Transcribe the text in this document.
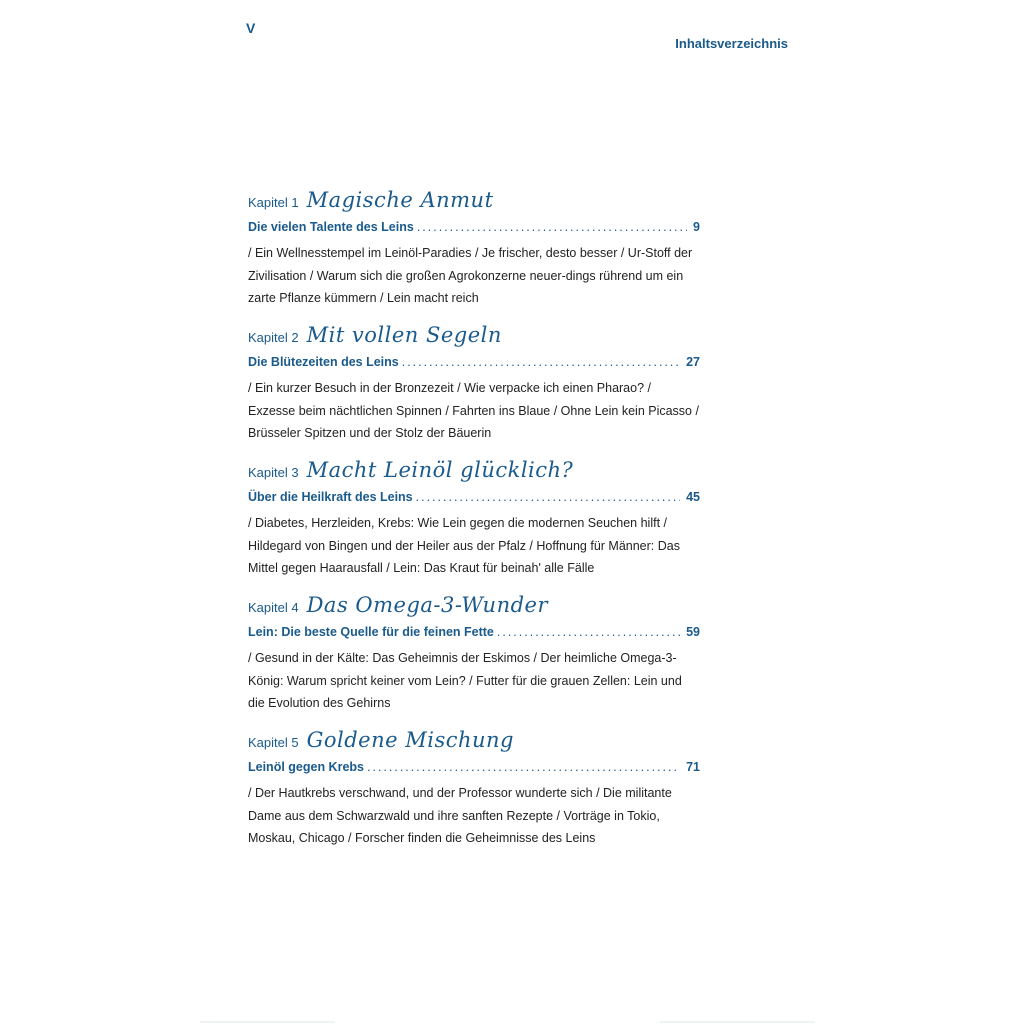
V
Inhaltsverzeichnis
Kapitel 1 Magische Anmut
Die vielen Talente des Leins .....	9
/ Ein Wellnesstempel im Leinöl-Paradies / Je frischer, desto besser / Ur-Stoff der Zivilisation / Warum sich die großen Agrokonzerne neuer-dings rührend um ein zarte Pflanze kümmern / Lein macht reich
Kapitel 2 Mit vollen Segeln
Die Blütezeiten des Leins .....	27
/ Ein kurzer Besuch in der Bronzezeit / Wie verpacke ich einen Pharao? / Exzesse beim nächtlichen Spinnen / Fahrten ins Blaue / Ohne Lein kein Picasso / Brüsseler Spitzen und der Stolz der Bäuerin
Kapitel 3 Macht Leinöl glücklich?
Über die Heilkraft des Leins .....	45
/ Diabetes, Herzleiden, Krebs: Wie Lein gegen die modernen Seuchen hilft / Hildegard von Bingen und der Heiler aus der Pfalz / Hoffnung für Männer: Das Mittel gegen Haarausfall / Lein: Das Kraut für beinah' alle Fälle
Kapitel 4 Das Omega-3-Wunder
Lein: Die beste Quelle für die feinen Fette .....	59
/ Gesund in der Kälte: Das Geheimnis der Eskimos / Der heimliche Omega-3-König: Warum spricht keiner vom Lein? / Futter für die grauen Zellen: Lein und die Evolution des Gehirns
Kapitel 5 Goldene Mischung
Leinöl gegen Krebs .....	71
/ Der Hautkrebs verschwand, und der Professor wunderte sich / Die militante Dame aus dem Schwarzwald und ihre sanften Rezepte / Vorträge in Tokio, Moskau, Chicago / Forscher finden die Geheimnisse des Leins
